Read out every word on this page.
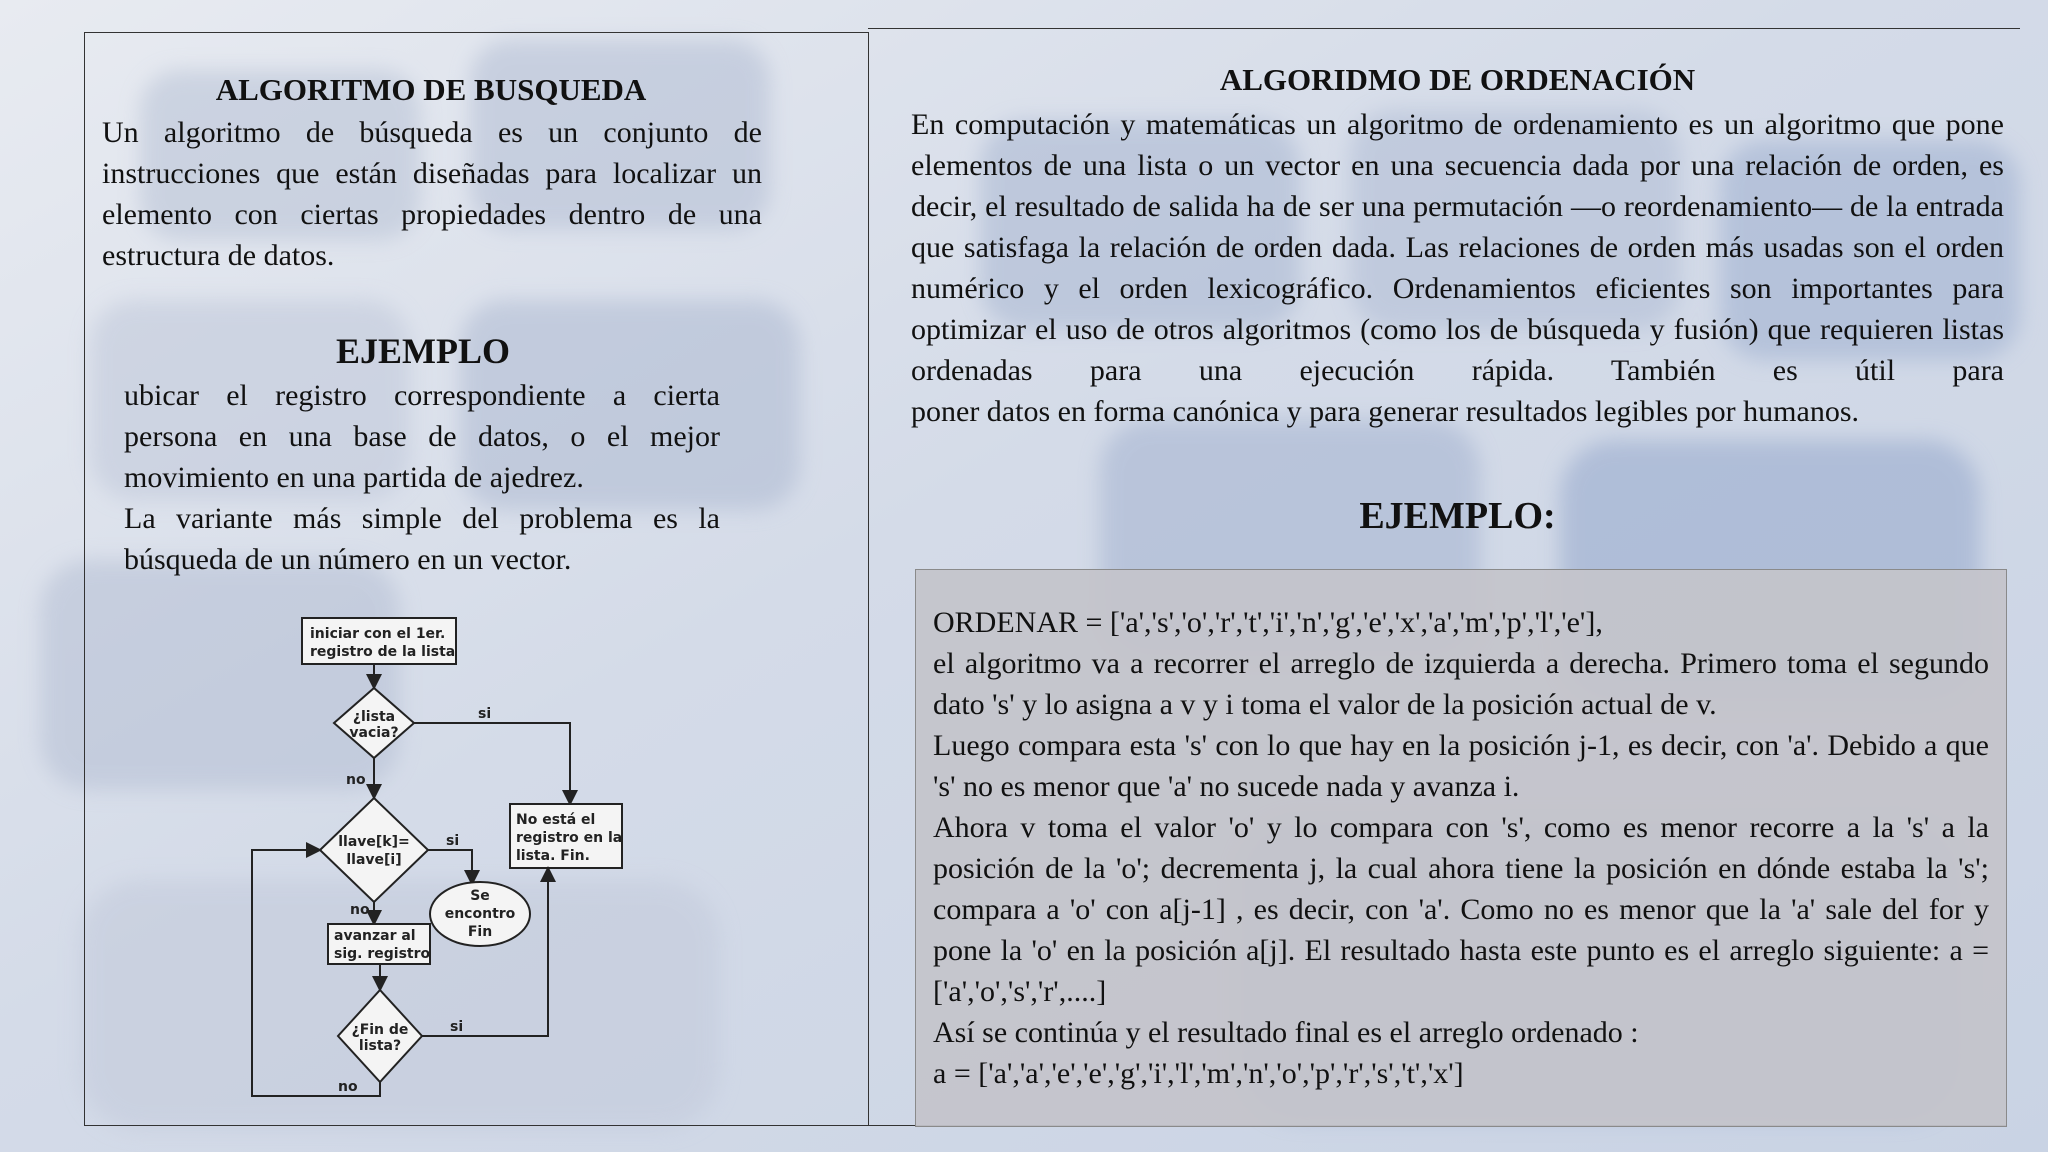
ALGORITMO DE BUSQUEDA
Un algoritmo de búsqueda es un conjunto de instrucciones que están diseñadas para localizar un elemento con ciertas propiedades dentro de una estructura de datos.
EJEMPLO
ubicar el registro correspondiente a cierta persona en una base de datos, o el mejor movimiento en una partida de ajedrez.
La variante más simple del problema es la búsqueda de un número en un vector.
iniciar con el 1er.
registro de la lista
¿lista
vacia?
si
no
llave[k]=
llave[i]
si
Se
encontro
Fin
No está el
registro en la
lista. Fin.
no
avanzar al
sig. registro
¿Fin de
lista?
si
no
ALGORIDMO DE ORDENACIÓN
En computación y matemáticas un algoritmo de ordenamiento es un algoritmo que pone elementos de una lista o un vector en una secuencia dada por una relación de orden, es decir, el resultado de salida ha de ser una permutación —o reordenamiento— de la entrada que satisfaga la relación de orden dada. Las relaciones de orden más usadas son el orden numérico y el orden lexicográfico. Ordenamientos eficientes son importantes para optimizar el uso de otros algoritmos (como los de búsqueda y fusión) que requieren listas ordenadas para una ejecución rápida. También es útil para
poner datos en forma canónica y para generar resultados legibles por humanos.
EJEMPLO:

ORDENAR = ['a','s','o','r','t','i','n','g','e','x','a','m','p','l','e'],

el algoritmo va a recorrer el arreglo de izquierda a derecha. Primero toma el segundo dato 's' y lo asigna a v y i toma el valor de la posición actual de v.

Luego compara esta 's' con lo que hay en la posición j-1, es decir, con 'a'. Debido a que 's' no es menor que 'a' no sucede nada y avanza i.

Ahora v toma el valor 'o' y lo compara con 's', como es menor recorre a la 's' a la posición de la 'o'; decrementa j, la cual ahora tiene la posición en dónde estaba la 's'; compara a 'o' con a[j-1] , es decir, con 'a'. Como no es menor que la 'a' sale del for y pone la 'o' en la posición a[j]. El resultado hasta este punto es el arreglo siguiente: a = ['a','o','s','r',....]

Así se continúa y el resultado final es el arreglo ordenado :

a = ['a','a','e','e','g','i','l','m','n','o','p','r','s','t','x']
